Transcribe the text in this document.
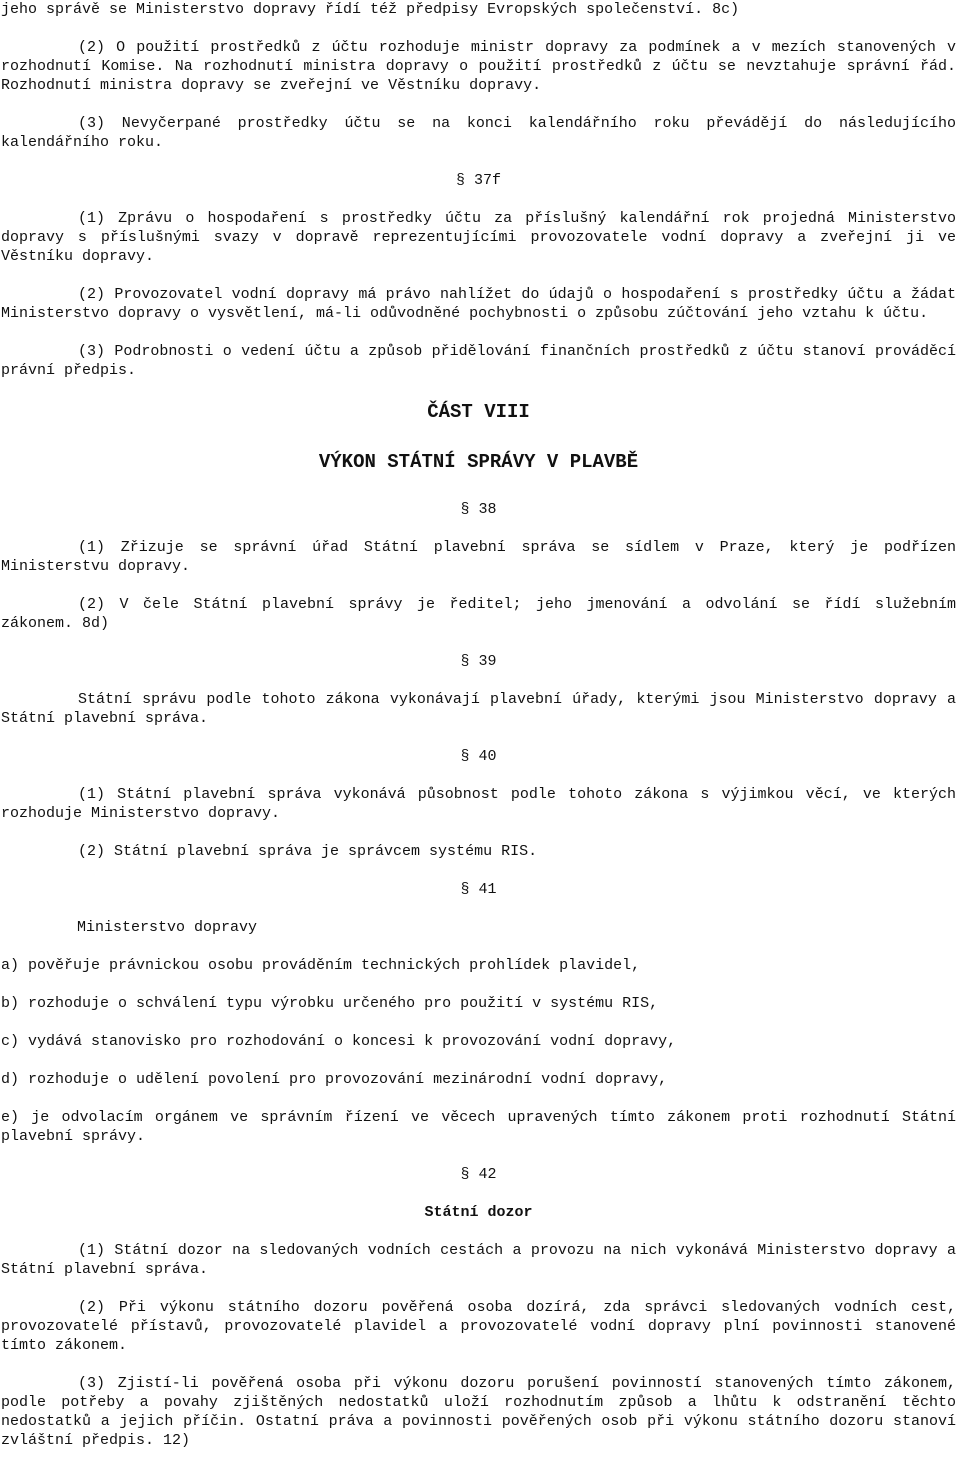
jeho správě se Ministerstvo dopravy řídí též předpisy Evropských společenství. 8c)

(2) O použití prostředků z účtu rozhoduje ministr dopravy za podmínek a v mezích stanovených v rozhodnutí Komise. Na rozhodnutí ministra dopravy o použití prostředků z účtu se nevztahuje správní řád. Rozhodnutí ministra dopravy se zveřejní ve Věstníku dopravy.

(3) Nevyčerpané prostředky účtu se na konci kalendářního roku převádějí do následujícího kalendářního roku.

§ 37f

(1) Zprávu o hospodaření s prostředky účtu za příslušný kalendářní rok projedná Ministerstvo dopravy s příslušnými svazy v dopravě reprezentujícími provozovatele vodní dopravy a zveřejní ji ve Věstníku dopravy.

(2) Provozovatel vodní dopravy má právo nahlížet do údajů o hospodaření s prostředky účtu a žádat Ministerstvo dopravy o vysvětlení, má-li odůvodněné pochybnosti o způsobu zúčtování jeho vztahu k účtu.

(3) Podrobnosti o vedení účtu a způsob přidělování finančních prostředků z účtu stanoví prováděcí právní předpis.

ČÁST VIII

VÝKON STÁTNÍ SPRÁVY V PLAVBĚ

§ 38

(1) Zřizuje se správní úřad Státní plavební správa se sídlem v Praze, který je podřízen Ministerstvu dopravy.

(2) V čele Státní plavební správy je ředitel; jeho jmenování a odvolání se řídí služebním zákonem. 8d)

§ 39

Státní správu podle tohoto zákona vykonávají plavební úřady, kterými jsou Ministerstvo dopravy a Státní plavební správa.

§ 40

(1) Státní plavební správa vykonává působnost podle tohoto zákona s výjimkou věcí, ve kterých rozhoduje Ministerstvo dopravy.

(2) Státní plavební správa je správcem systému RIS.

§ 41

Ministerstvo dopravy

a) pověřuje právnickou osobu prováděním technických prohlídek plavidel,

b) rozhoduje o schválení typu výrobku určeného pro použití v systému RIS,

c) vydává stanovisko pro rozhodování o koncesi k provozování vodní dopravy,

d) rozhoduje o udělení povolení pro provozování mezinárodní vodní dopravy,

e) je odvolacím orgánem ve správním řízení ve věcech upravených tímto zákonem proti rozhodnutí Státní plavební správy.

§ 42

Státní dozor

(1) Státní dozor na sledovaných vodních cestách a provozu na nich vykonává Ministerstvo dopravy a Státní plavební správa.

(2) Při výkonu státního dozoru pověřená osoba dozírá, zda správci sledovaných vodních cest, provozovatelé přístavů, provozovatelé plavidel a provozovatelé vodní dopravy plní povinnosti stanovené tímto zákonem.

(3) Zjistí-li pověřená osoba při výkonu dozoru porušení povinností stanovených tímto zákonem, podle potřeby a povahy zjištěných nedostatků uloží rozhodnutím způsob a lhůtu k odstranění těchto nedostatků a jejich příčin. Ostatní práva a povinnosti pověřených osob při výkonu státního dozoru stanoví zvláštní předpis. 12)
